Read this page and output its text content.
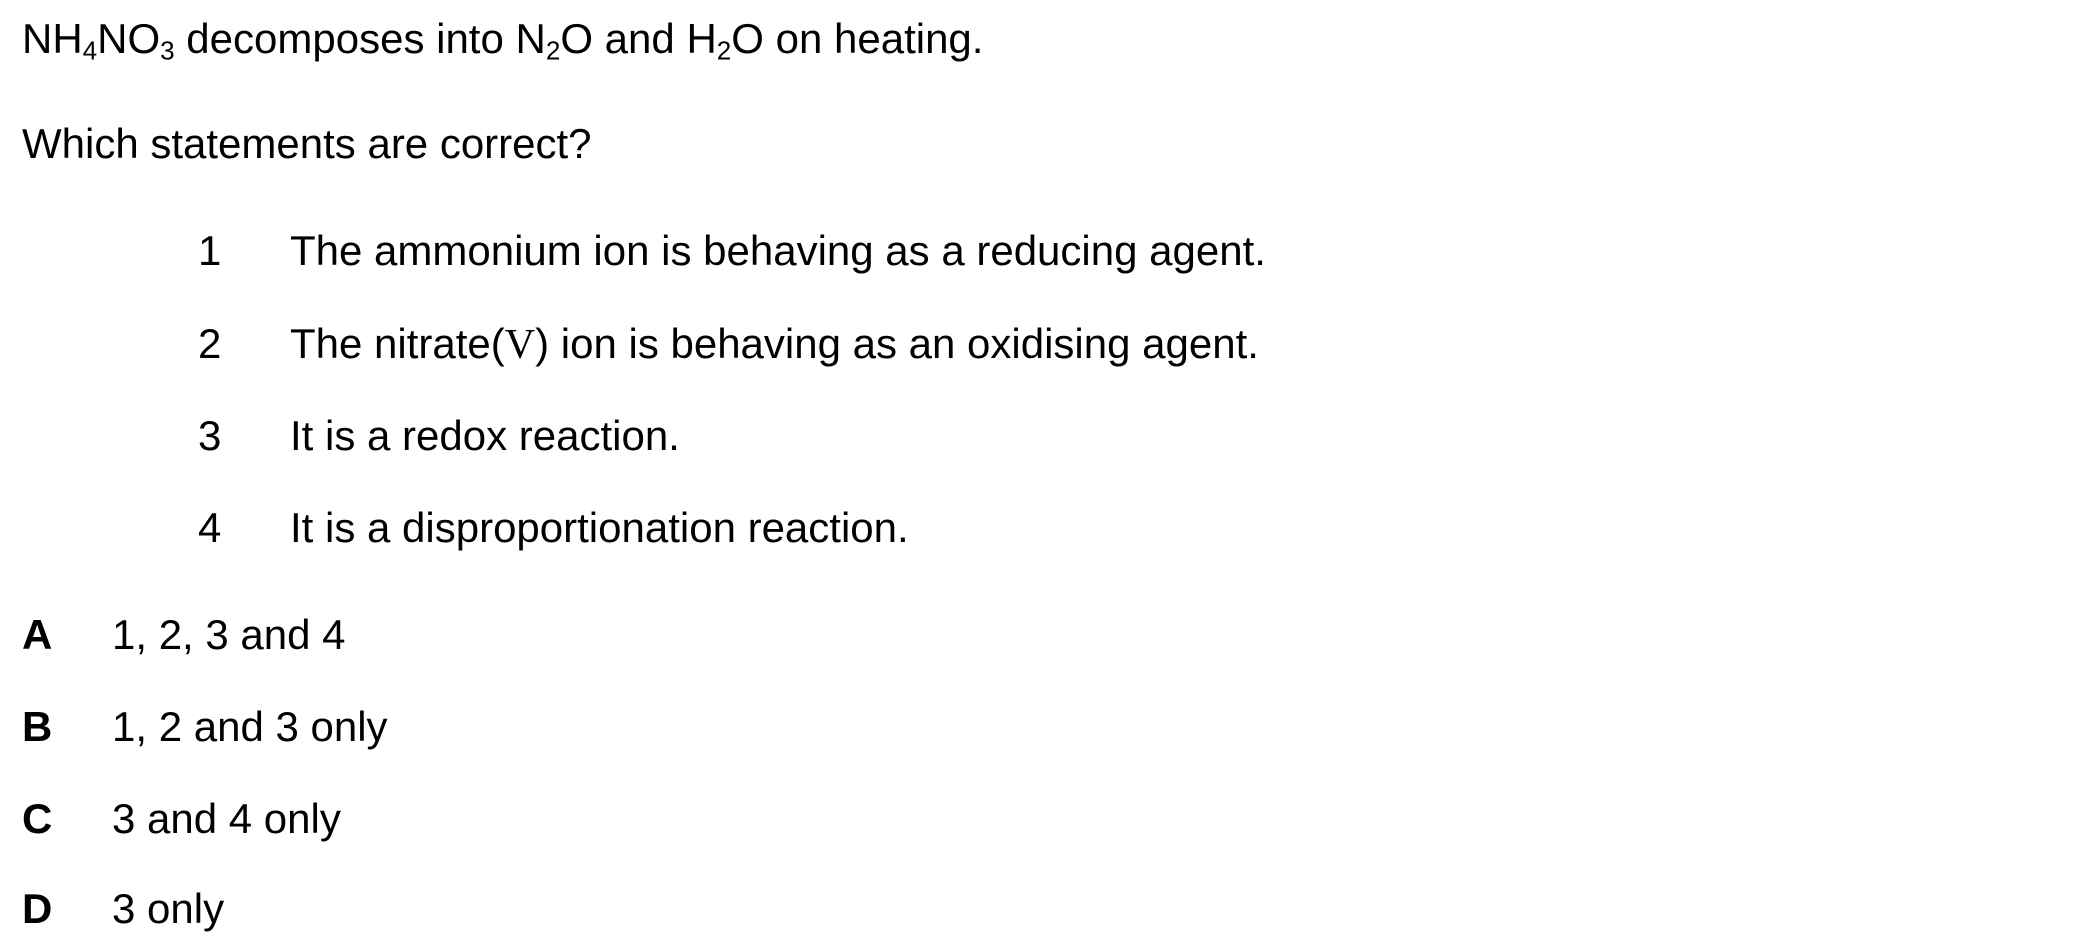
$NH_4NO_3$ decomposes into $N_2O$ and $H_2O$ on heating.
Which statements are correct?
1 The ammonium ion is behaving as a reducing agent.
2 The nitrate(V) ion is behaving as an oxidising agent.
3 It is a redox reaction.
4 It is a disproportionation reaction.
A 1, 2, 3 and 4
B 1, 2 and 3 only
C 3 and 4 only
D 3 only
